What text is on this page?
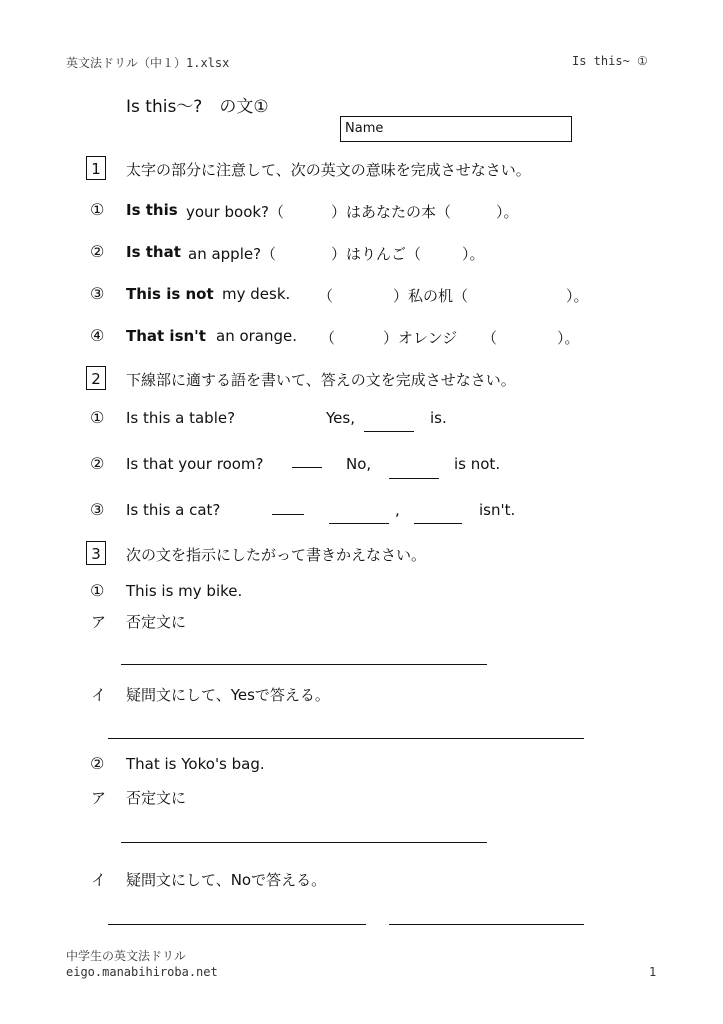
英文法ドリル（中１）1.xlsx	Is this~ ①
Is this～?　の文①
Name
1	太字の部分に注意して、次の英文の意味を完成させなさい。
① Is this your book?（	）はあなたの本（	）。
② Is that an apple?（	）はりんご（	）。
③ This is not my desk. （	）私の机（	）。
④ That isn't an orange. （	）オレンジ （	）。
2	下線部に適する語を書いて、答えの文を完成させなさい。
① Is this a table?	Yes,	is.
② Is that your room?	No,	is not.
③ Is this a cat?	,	isn't.
3	次の文を指示にしたがって書きかえなさい。
① This is my bike.
ア 否定文に
イ 疑問文にして、Yesで答える。
② That is Yoko's bag.
ア 否定文に
イ 疑問文にして、Noで答える。
中学生の英文法ドリル
eigo.manabihiroba.net	1
